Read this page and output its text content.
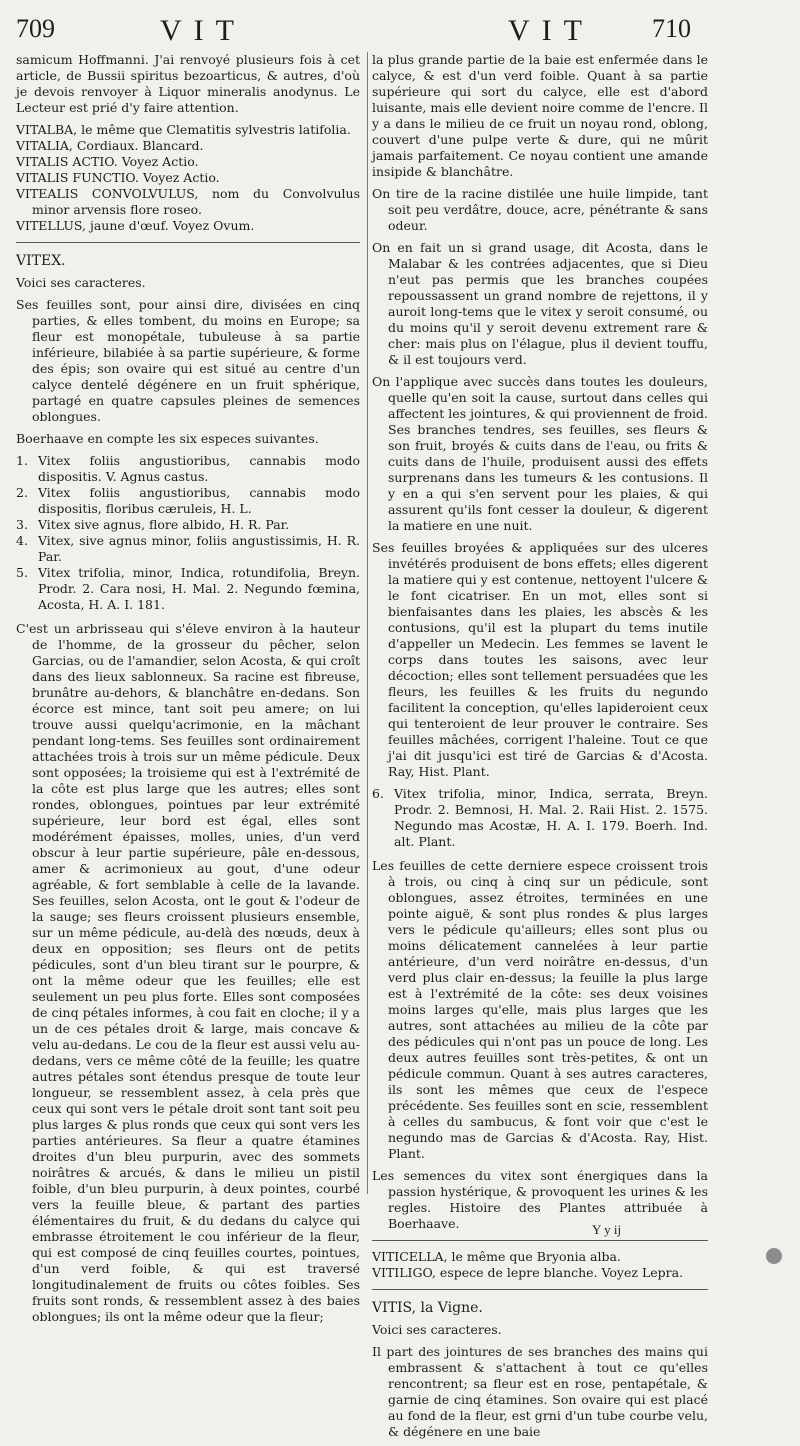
709	VIT	VIT 710

samicum Hoffmanni. J'ai renvoyé plusieurs fois à cet article, de Bussii spiritus bezoarticus, & autres, d'où je devois renvoyer à Liquor mineralis anodynus. Le Lecteur est prié d'y faire attention.

VITALBA, le même que Clematitis sylvestris latifolia.

VITALIA, Cordiaux. Blancard.

VITALIS ACTIO. Voyez Actio.

VITALIS FUNCTIO. Voyez Actio.

VITEALIS CONVOLVULUS, nom du Convolvulus minor arvensis flore roseo.

VITELLUS, jaune d'œuf. Voyez Ovum.

VITEX.

Voici ses caracteres.

Ses feuilles sont, pour ainsi dire, divisées en cinq parties, & elles tombent, du moins en Europe; sa fleur est monopétale, tubuleuse à sa partie inférieure, bilabiée à sa partie supérieure, & forme des épis; son ovaire qui est situé au centre d'un calyce dentelé dégénere en un fruit sphérique, partagé en quatre capsules pleines de semences oblongues.

Boerhaave en compte les six especes suivantes.

1. Vitex foliis angustioribus, cannabis modo dispositis. V. Agnus castus.
2. Vitex foliis angustioribus, cannabis modo dispositis, floribus cæruleis, H. L.
3. Vitex sive agnus, flore albido, H. R. Par.
4. Vitex, sive agnus minor, foliis angustissimis, H. R. Par.
5. Vitex trifolia, minor, Indica, rotundifolia, Breyn. Prodr. 2. Cara nosi, H. Mal. 2. Negundo fœmina, Acosta, H. A. I. 181.

C'est un arbrisseau qui s'éleve environ à la hauteur de l'homme, de la grosseur du pêcher, selon Garcias, ou de l'amandier, selon Acosta, & qui croît dans des lieux sablonneux. Sa racine est fibreuse, brunâtre au-dehors, & blanchâtre en-dedans. Son écorce est mince, tant soit peu amere; on lui trouve aussi quelqu'acrimonie, en la mâchant pendant long-tems. Ses feuilles sont ordinairement attachées trois à trois sur un même pédicule. Deux sont opposées; la troisieme qui est à l'extrémité de la côte est plus large que les autres; elles sont rondes, oblongues, pointues par leur extrémité supérieure, leur bord est égal, elles sont modérément épaisses, molles, unies, d'un verd obscur à leur partie supérieure, pâle en-dessous, amer & acrimonieux au gout, d'une odeur agréable, & fort semblable à celle de la lavande. Ses feuilles, selon Acosta, ont le gout & l'odeur de la sauge; ses fleurs croissent plusieurs ensemble, sur un même pédicule, au-delà des nœuds, deux à deux en opposition; ses fleurs ont de petits pédicules, sont d'un bleu tirant sur le pourpre, & ont la même odeur que les feuilles; elle est seulement un peu plus forte. Elles sont composées de cinq pétales informes, à cou fait en cloche; il y a un de ces pétales droit & large, mais concave & velu au-dedans. Le cou de la fleur est aussi velu au-dedans, vers ce même côté de la feuille; les quatre autres pétales sont étendus presque de toute leur longueur, se ressemblent assez, à cela près que ceux qui sont vers le pétale droit sont tant soit peu plus larges & plus ronds que ceux qui sont vers les parties antérieures. Sa fleur a quatre étamines droites d'un bleu purpurin, avec des sommets noirâtres & arcués, & dans le milieu un pistil foible, d'un bleu purpurin, à deux pointes, courbé vers la feuille bleue, & partant des parties élémentaires du fruit, & du dedans du calyce qui embrasse étroitement le cou inférieur de la fleur, qui est composé de cinq feuilles courtes, pointues, d'un verd foible, & qui est traversé longitudinalement de fruits ou côtes foibles. Ses fruits sont ronds, & ressemblent assez à des baies oblongues; ils ont la même odeur que la fleur;

la plus grande partie de la baie est enfermée dans le calyce, & est d'un verd foible. Quant à sa partie supérieure qui sort du calyce, elle est d'abord luisante, mais elle devient noire comme de l'encre. Il y a dans le milieu de ce fruit un noyau rond, oblong, couvert d'une pulpe verte & dure, qui ne mûrit jamais parfaitement. Ce noyau contient une amande insipide & blanchâtre.

On tire de la racine distilée une huile limpide, tant soit peu verdâtre, douce, acre, pénétrante & sans odeur.

On en fait un si grand usage, dit Acosta, dans le Malabar & les contrées adjacentes, que si Dieu n'eut pas permis que les branches coupées repoussassent un grand nombre de rejettons, il y auroit long-tems que le vitex y seroit consumé, ou du moins qu'il y seroit devenu extrement rare & cher: mais plus on l'élague, plus il devient touffu, & il est toujours verd.

On l'applique avec succès dans toutes les douleurs, quelle qu'en soit la cause, surtout dans celles qui affectent les jointures, & qui proviennent de froid. Ses branches tendres, ses feuilles, ses fleurs & son fruit, broyés & cuits dans de l'eau, ou frits & cuits dans de l'huile, produisent aussi des effets surprenans dans les tumeurs & les contusions. Il y en a qui s'en servent pour les plaies, & qui assurent qu'ils font cesser la douleur, & digerent la matiere en une nuit.

Ses feuilles broyées & appliquées sur des ulceres invétérés produisent de bons effets; elles digerent la matiere qui y est contenue, nettoyent l'ulcere & le font cicatriser. En un mot, elles sont si bienfaisantes dans les plaies, les abscès & les contusions, qu'il est la plupart du tems inutile d'appeller un Medecin. Les femmes se lavent le corps dans toutes les saisons, avec leur décoction; elles sont tellement persuadées que les fleurs, les feuilles & les fruits du negundo facilitent la conception, qu'elles lapideroient ceux qui tenteroient de leur prouver le contraire. Ses feuilles mâchées, corrigent l'haleine. Tout ce que j'ai dit jusqu'ici est tiré de Garcias & d'Acosta. Ray, Hist. Plant.

6. Vitex trifolia, minor, Indica, serrata, Breyn. Prodr. 2. Bemnosi, H. Mal. 2. Raii Hist. 2. 1575. Negundo mas Acostæ, H. A. I. 179. Boerh. Ind. alt. Plant.

Les feuilles de cette derniere espece croissent trois à trois, ou cinq à cinq sur un pédicule, sont oblongues, assez étroites, terminées en une pointe aiguë, & sont plus rondes & plus larges vers le pédicule qu'ailleurs; elles sont plus ou moins délicatement cannelées à leur partie antérieure, d'un verd noirâtre en-dessus, d'un verd plus clair en-dessus; la feuille la plus large est à l'extrémité de la côte: ses deux voisines moins larges qu'elle, mais plus larges que les autres, sont attachées au milieu de la côte par des pédicules qui n'ont pas un pouce de long. Les deux autres feuilles sont très-petites, & ont un pédicule commun. Quant à ses autres caracteres, ils sont les mêmes que ceux de l'espece précédente. Ses feuilles sont en scie, ressemblent à celles du sambucus, & font voir que c'est le negundo mas de Garcias & d'Acosta. Ray, Hist. Plant.

Les semences du vitex sont énergiques dans la passion hystérique, & provoquent les urines & les regles. Histoire des Plantes attribuée à Boerhaave.

VITICELLA, le même que Bryonia alba.

VITILIGO, espece de lepre blanche. Voyez Lepra.

VITIS, la Vigne.

Voici ses caracteres.

Il part des jointures de ses branches des mains qui embrassent & s'attachent à tout ce qu'elles rencontrent; sa fleur est en rose, pentapétale, & garnie de cinq étamines. Son ovaire qui est placé au fond de la fleur, est grni d'un tube courbe velu, & dégénere en une baie

Y y ij
